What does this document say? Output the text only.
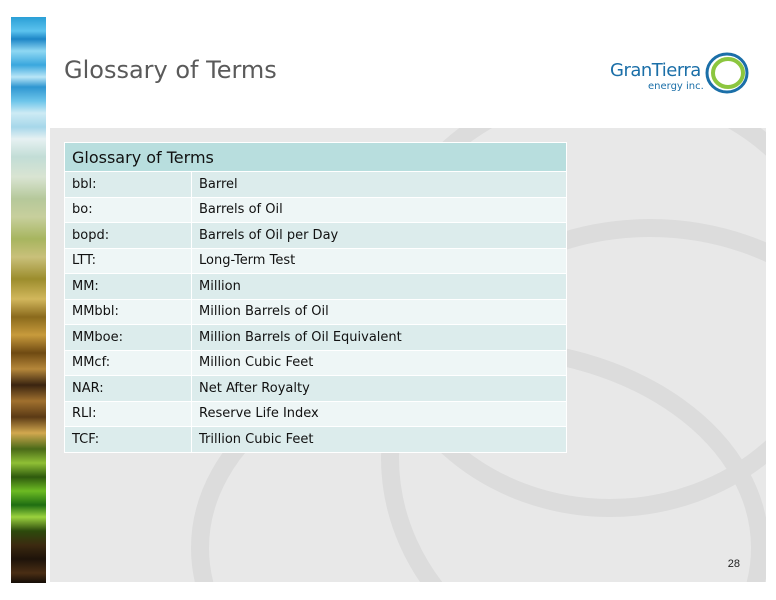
Glossary of Terms	GranTierra
energy inc.
Glossary of Terms	
bbl:	Barrel
bo:	Barrels of Oil
bopd:	Barrels of Oil per Day
LTT:	Long-Term Test
MM:	Million
MMbbl:	Million Barrels of Oil
MMboe:	Million Barrels of Oil Equivalent
MMcf:	Million Cubic Feet
NAR:	Net After Royalty
RLI:	Reserve Life Index
TCF:	Trillion Cubic Feet
28
